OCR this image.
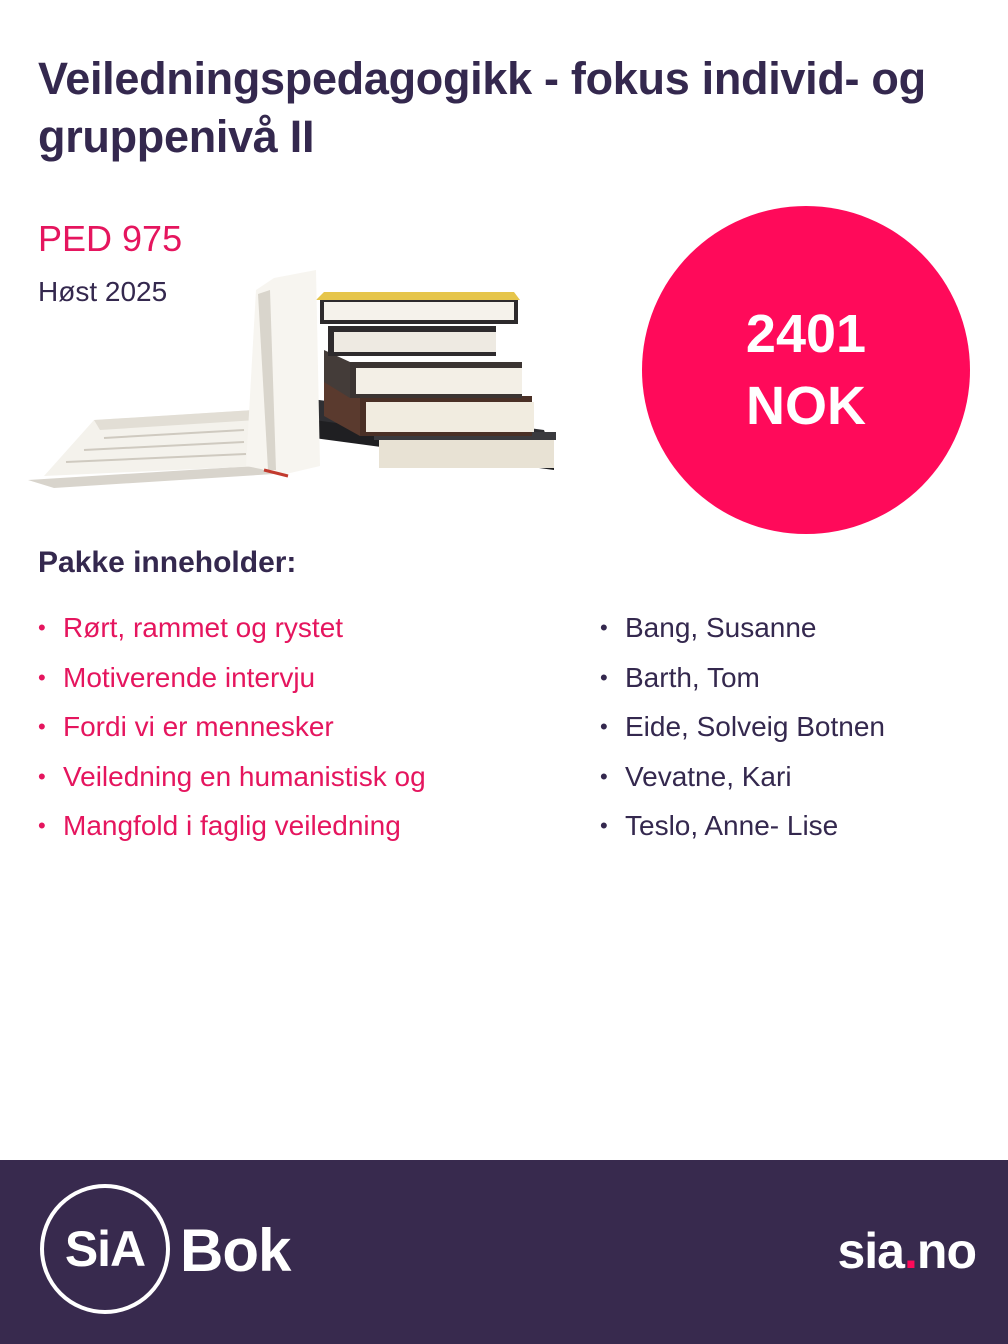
Veiledningspedagogikk - fokus individ- og gruppenivå II
PED 975
Høst 2025
2401
NOK
Pakke inneholder:
• Rørt, rammet og rystet
• Motiverende intervju
• Fordi vi er mennesker
• Veiledning en humanistisk og
• Mangfold i faglig veiledning
• Bang, Susanne
• Barth, Tom
• Eide, Solveig Botnen
• Vevatne, Kari
• Teslo, Anne- Lise
SiA Bok	sia.no
